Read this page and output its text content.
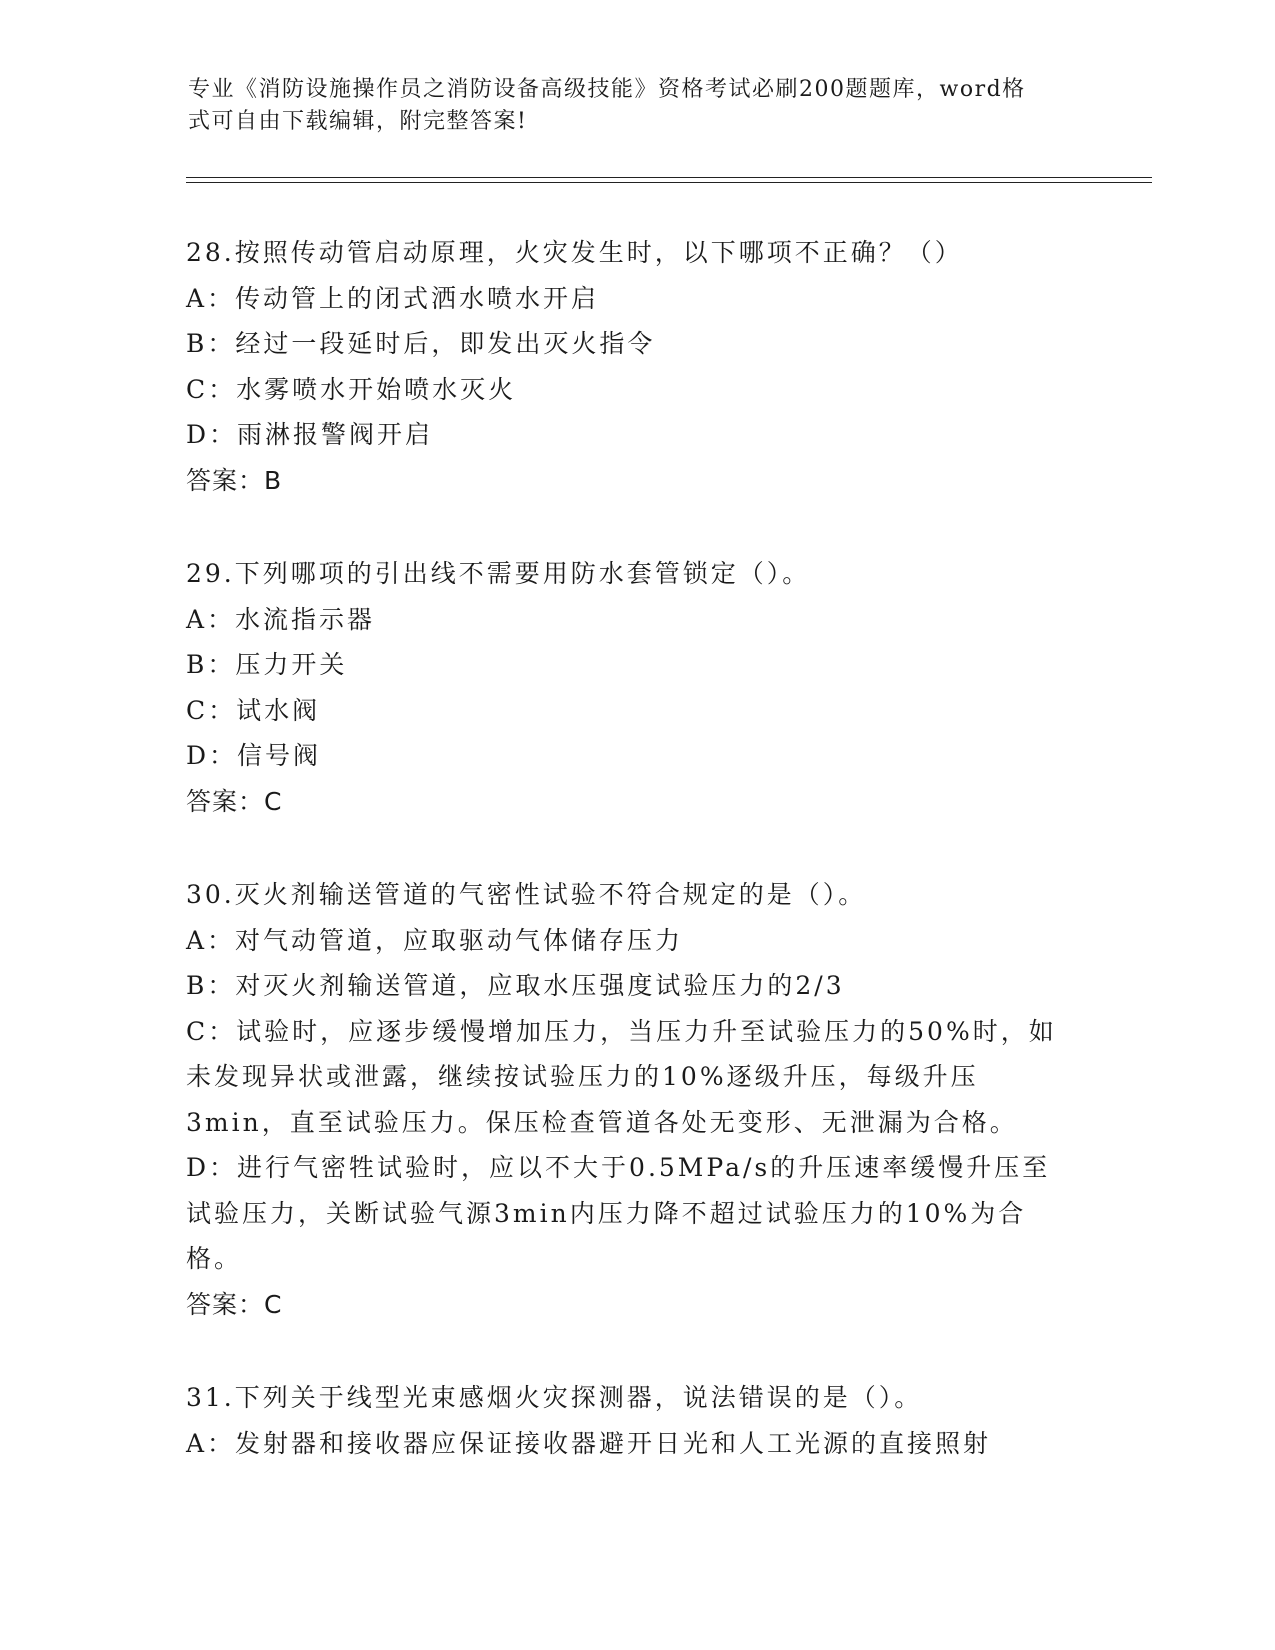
专业《消防设施操作员之消防设备高级技能》资格考试必刷200题题库，word格
式可自由下载编辑，附完整答案!
28.按照传动管启动原理，火灾发生时，以下哪项不正确？（）
A：传动管上的闭式洒水喷水开启
B：经过一段延时后，即发出灭火指令
C：水雾喷水开始喷水灭火
D：雨淋报警阀开启
答案：B
29.下列哪项的引出线不需要用防水套管锁定（）。
A：水流指示器
B：压力开关
C：试水阀
D：信号阀
答案：C
30.灭火剂输送管道的气密性试验不符合规定的是（）。
A：对气动管道，应取驱动气体储存压力
B：对灭火剂输送管道，应取水压强度试验压力的2/3
C：试验时，应逐步缓慢增加压力，当压力升至试验压力的50%时，如未发现异状或泄露，继续按试验压力的10%逐级升压，每级升压3min，直至试验压力。保压检查管道各处无变形、无泄漏为合格。
D：进行气密牲试验时，应以不大于0.5MPa/s的升压速率缓慢升压至试验压力，关断试验气源3min内压力降不超过试验压力的10%为合格。
答案：C
31.下列关于线型光束感烟火灾探测器，说法错误的是（）。
A：发射器和接收器应保证接收器避开日光和人工光源的直接照射
